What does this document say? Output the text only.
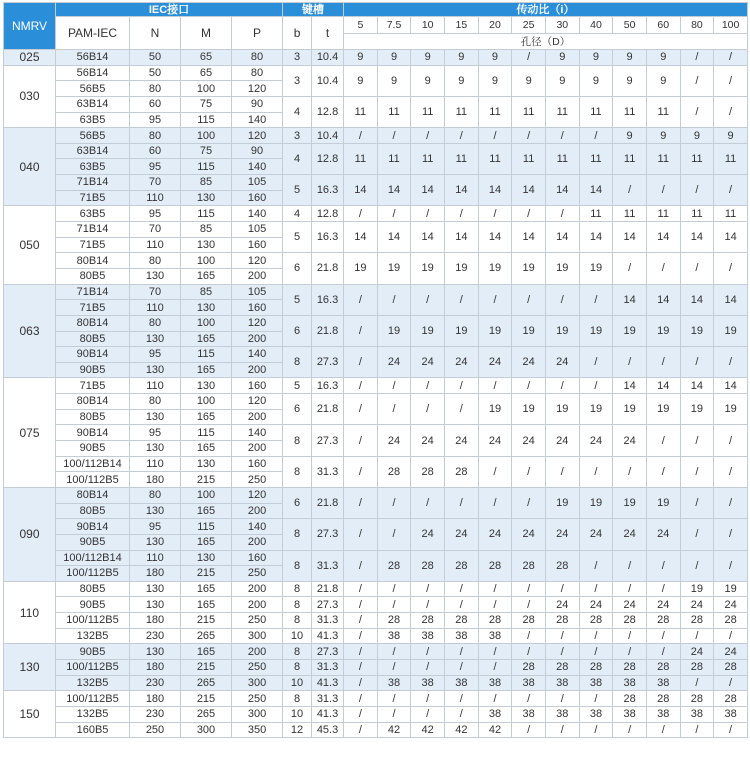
NMRV	IEC接口				键槽		传动比（i）											
	PAM-IEC	N	M	P	b	t	5	7.5	10	15	20	25	30	40	50	60	80	100
							孔径（D）											
025	56B14	50	65	80	3	10.4	9	9	9	9	9	/	9	9	9	9	/	/
030	56B14	50	65	80	3	10.4	9	9	9	9	9	9	9	9	9	9	/	/
	56B5	80	100	120														
	63B14	60	75	90	4	12.8	11	11	11	11	11	11	11	11	11	11	/	/
	63B5	95	115	140														
040	56B5	80	100	120	3	10.4	/	/	/	/	/	/	/	/	9	9	9	9
	63B14	60	75	90	4	12.8	11	11	11	11	11	11	11	11	11	11	11	11
	63B5	95	115	140														
	71B14	70	85	105	5	16.3	14	14	14	14	14	14	14	14	/	/	/	/
	71B5	110	130	160														
050	63B5	95	115	140	4	12.8	/	/	/	/	/	/	/	11	11	11	11	11
	71B14	70	85	105	5	16.3	14	14	14	14	14	14	14	14	14	14	14	14
	71B5	110	130	160														
	80B14	80	100	120	6	21.8	19	19	19	19	19	19	19	19	/	/	/	/
	80B5	130	165	200														
063	71B14	70	85	105	5	16.3	/	/	/	/	/	/	/	/	14	14	14	14
	71B5	110	130	160														
	80B14	80	100	120	6	21.8	/	19	19	19	19	19	19	19	19	19	19	19
	80B5	130	165	200														
	90B14	95	115	140	8	27.3	/	24	24	24	24	24	24	/	/	/	/	/
	90B5	130	165	200														
075	71B5	110	130	160	5	16.3	/	/	/	/	/	/	/	/	14	14	14	14
	80B14	80	100	120	6	21.8	/	/	/	/	19	19	19	19	19	19	19	19
	80B5	130	165	200														
	90B14	95	115	140	8	27.3	/	24	24	24	24	24	24	24	24	/	/	/
	90B5	130	165	200														
	100/112B14	110	130	160	8	31.3	/	28	28	28	/	/	/	/	/	/	/	/
	100/112B5	180	215	250														
090	80B14	80	100	120	6	21.8	/	/	/	/	/	/	19	19	19	19	/	/
	80B5	130	165	200														
	90B14	95	115	140	8	27.3	/	/	24	24	24	24	24	24	24	24	/	/
	90B5	130	165	200														
	100/112B14	110	130	160	8	31.3	/	28	28	28	28	28	28	/	/	/	/	/
	100/112B5	180	215	250														
110	80B5	130	165	200	8	21.8	/	/	/	/	/	/	/	/	/	/	19	19
	90B5	130	165	200	8	27.3	/	/	/	/	/	/	24	24	24	24	24	24
	100/112B5	180	215	250	8	31.3	/	28	28	28	28	28	28	28	28	28	28	28
	132B5	230	265	300	10	41.3	/	38	38	38	38	/	/	/	/	/	/	/
130	90B5	130	165	200	8	27.3	/	/	/	/	/	/	/	/	/	/	24	24
	100/112B5	180	215	250	8	31.3	/	/	/	/	/	28	28	28	28	28	28	28
	132B5	230	265	300	10	41.3	/	38	38	38	38	38	38	38	38	38	/	/
150	100/112B5	180	215	250	8	31.3	/	/	/	/	/	/	/	/	28	28	28	28
	132B5	230	265	300	10	41.3	/	/	/	/	38	38	38	38	38	38	38	38
	160B5	250	300	350	12	45.3	/	42	42	42	42	/	/	/	/	/	/	/
